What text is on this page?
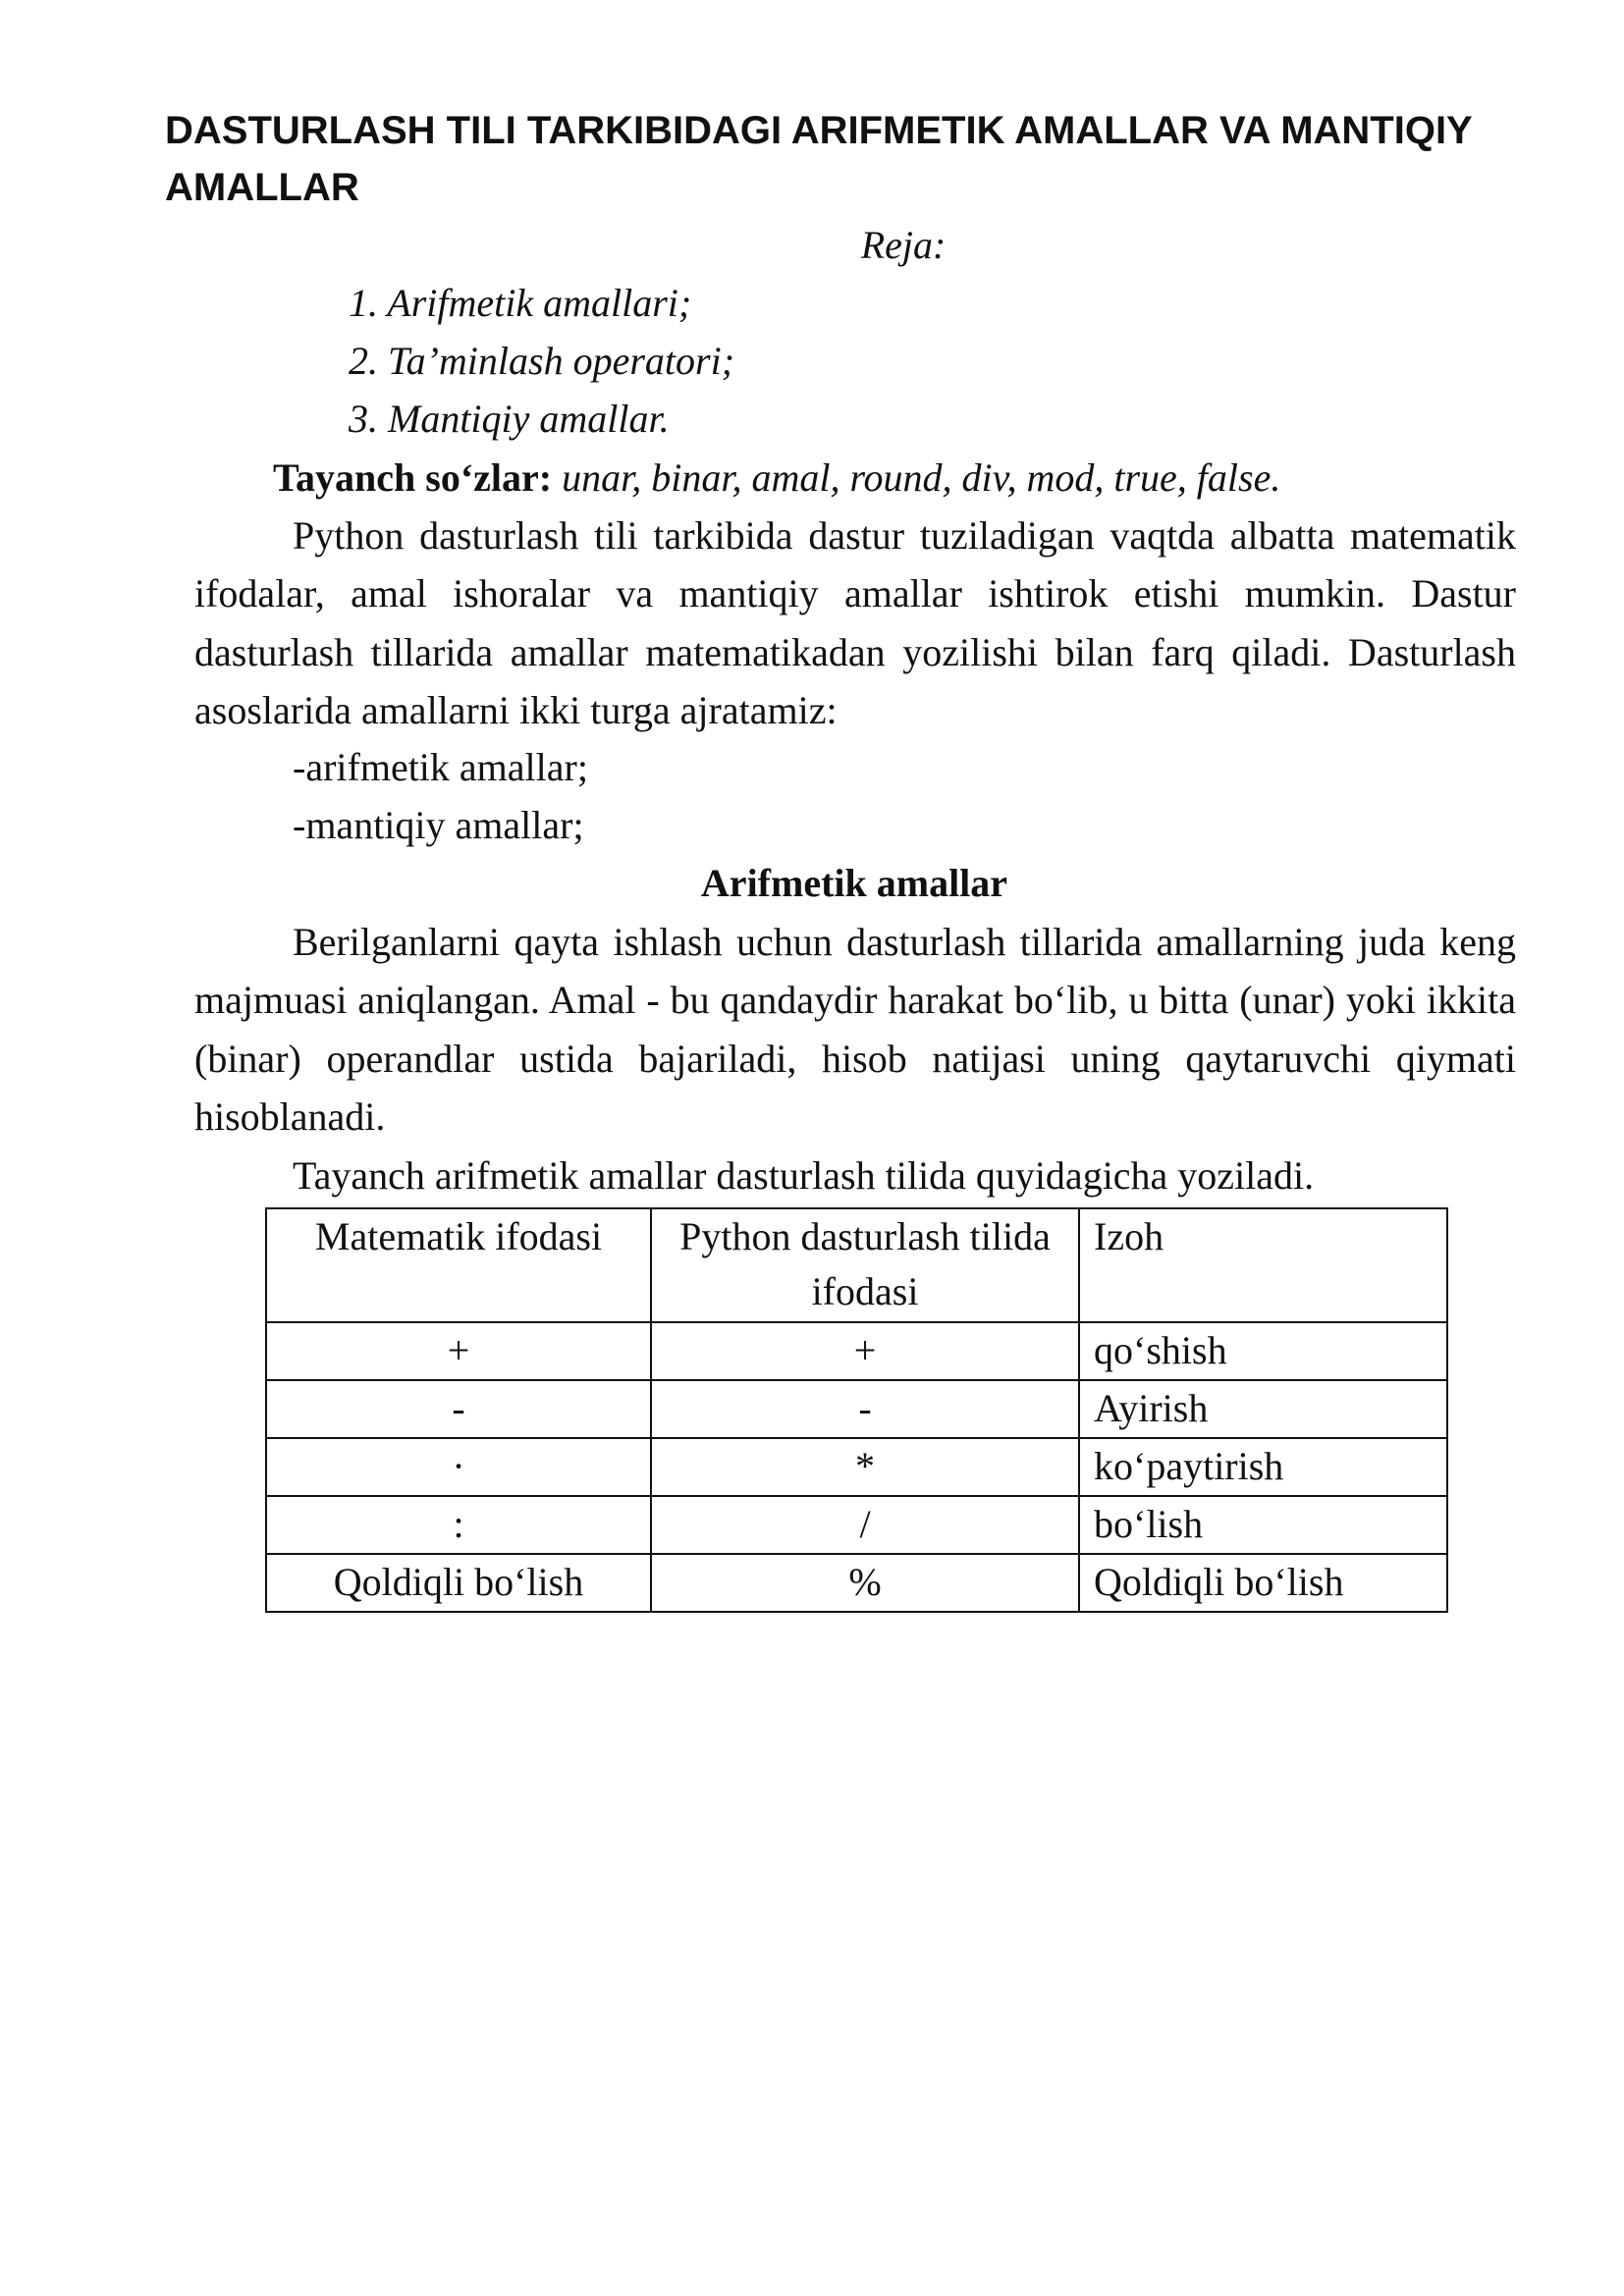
DASTURLASH TILI TARKIBIDAGI ARIFMETIK AMALLAR VA MANTIQIY AMALLAR

Reja:

1. Arifmetik amallari;

2. Ta’minlash operatori;

3. Mantiqiy amallar.

Tayanch so‘zlar: unar, binar, amal, round, div, mod, true, false.

Python dasturlash tili tarkibida dastur tuziladigan vaqtda albatta matematik ifodalar, amal ishoralar va mantiqiy amallar ishtirok etishi mumkin. Dastur dasturlash tillarida amallar matematikadan yozilishi bilan farq qiladi. Dasturlash asoslarida amallarni ikki turga ajratamiz:

-arifmetik amallar;

-mantiqiy amallar;

Arifmetik amallar

Berilganlarni qayta ishlash uchun dasturlash tillarida amallarning juda keng majmuasi aniqlangan. Amal - bu qandaydir harakat bo‘lib, u bitta (unar) yoki ikkita (binar) operandlar ustida bajariladi, hisob natijasi uning qaytaruvchi qiymati hisoblanadi.

Tayanch arifmetik amallar dasturlash tilida quyidagicha yoziladi.

Matematik ifodasi	Python dasturlash tilida ifodasi	Izoh
+	+	qo‘shish
-	-	Ayirish
·	*	ko‘paytirish
:	/	bo‘lish
Qoldiqli bo‘lish	%	Qoldiqli bo‘lish
